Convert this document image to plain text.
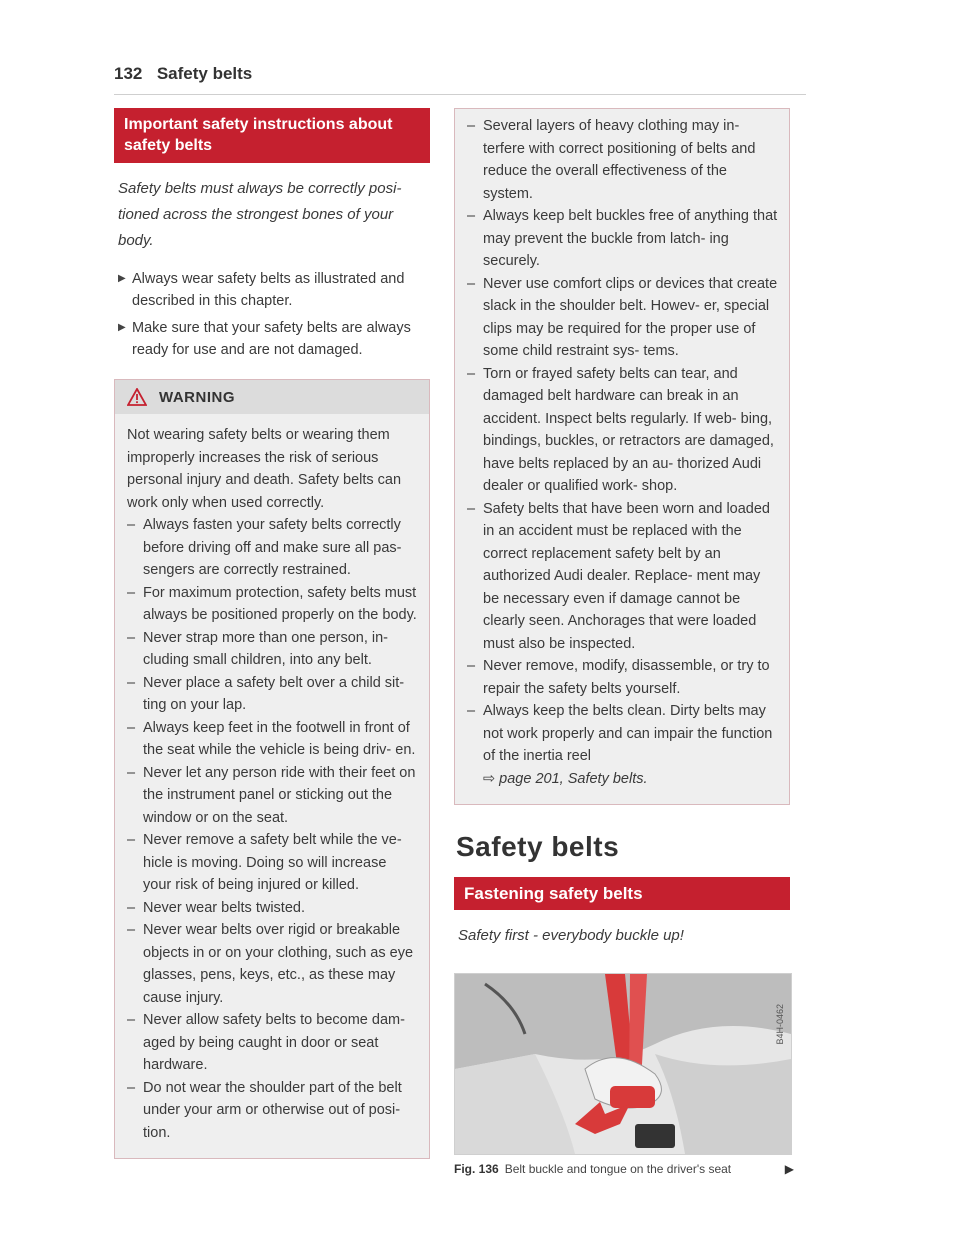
132 Safety belts
Important safety instructions about safety belts
Safety belts must always be correctly posi- tioned across the strongest bones of your body.
▶ Always wear safety belts as illustrated and described in this chapter.
▶ Make sure that your safety belts are always ready for use and are not damaged.
WARNING
Not wearing safety belts or wearing them improperly increases the risk of serious personal injury and death. Safety belts can work only when used correctly.
– Always fasten your safety belts correctly before driving off and make sure all pas- sengers are correctly restrained.
– For maximum protection, safety belts must always be positioned properly on the body.
– Never strap more than one person, in- cluding small children, into any belt.
– Never place a safety belt over a child sit- ting on your lap.
– Always keep feet in the footwell in front of the seat while the vehicle is being driv- en.
– Never let any person ride with their feet on the instrument panel or sticking out the window or on the seat.
– Never remove a safety belt while the ve- hicle is moving. Doing so will increase your risk of being injured or killed.
– Never wear belts twisted.
– Never wear belts over rigid or breakable objects in or on your clothing, such as eye glasses, pens, keys, etc., as these may cause injury.
– Never allow safety belts to become dam- aged by being caught in door or seat hardware.
– Do not wear the shoulder part of the belt under your arm or otherwise out of posi- tion.
– Several layers of heavy clothing may in- terfere with correct positioning of belts and reduce the overall effectiveness of the system.
– Always keep belt buckles free of anything that may prevent the buckle from latch- ing securely.
– Never use comfort clips or devices that create slack in the shoulder belt. Howev- er, special clips may be required for the proper use of some child restraint sys- tems.
– Torn or frayed safety belts can tear, and damaged belt hardware can break in an accident. Inspect belts regularly. If web- bing, bindings, buckles, or retractors are damaged, have belts replaced by an au- thorized Audi dealer or qualified work- shop.
– Safety belts that have been worn and loaded in an accident must be replaced with the correct replacement safety belt by an authorized Audi dealer. Replace- ment may be necessary even if damage cannot be clearly seen. Anchorages that were loaded must also be inspected.
– Never remove, modify, disassemble, or try to repair the safety belts yourself.
– Always keep the belts clean. Dirty belts may not work properly and can impair the function of the inertia reel
⇨ page 201, Safety belts.
Safety belts
Fastening safety belts
Safety first - everybody buckle up!
B4H-0462
Fig. 136 Belt buckle and tongue on the driver's seat	▶
